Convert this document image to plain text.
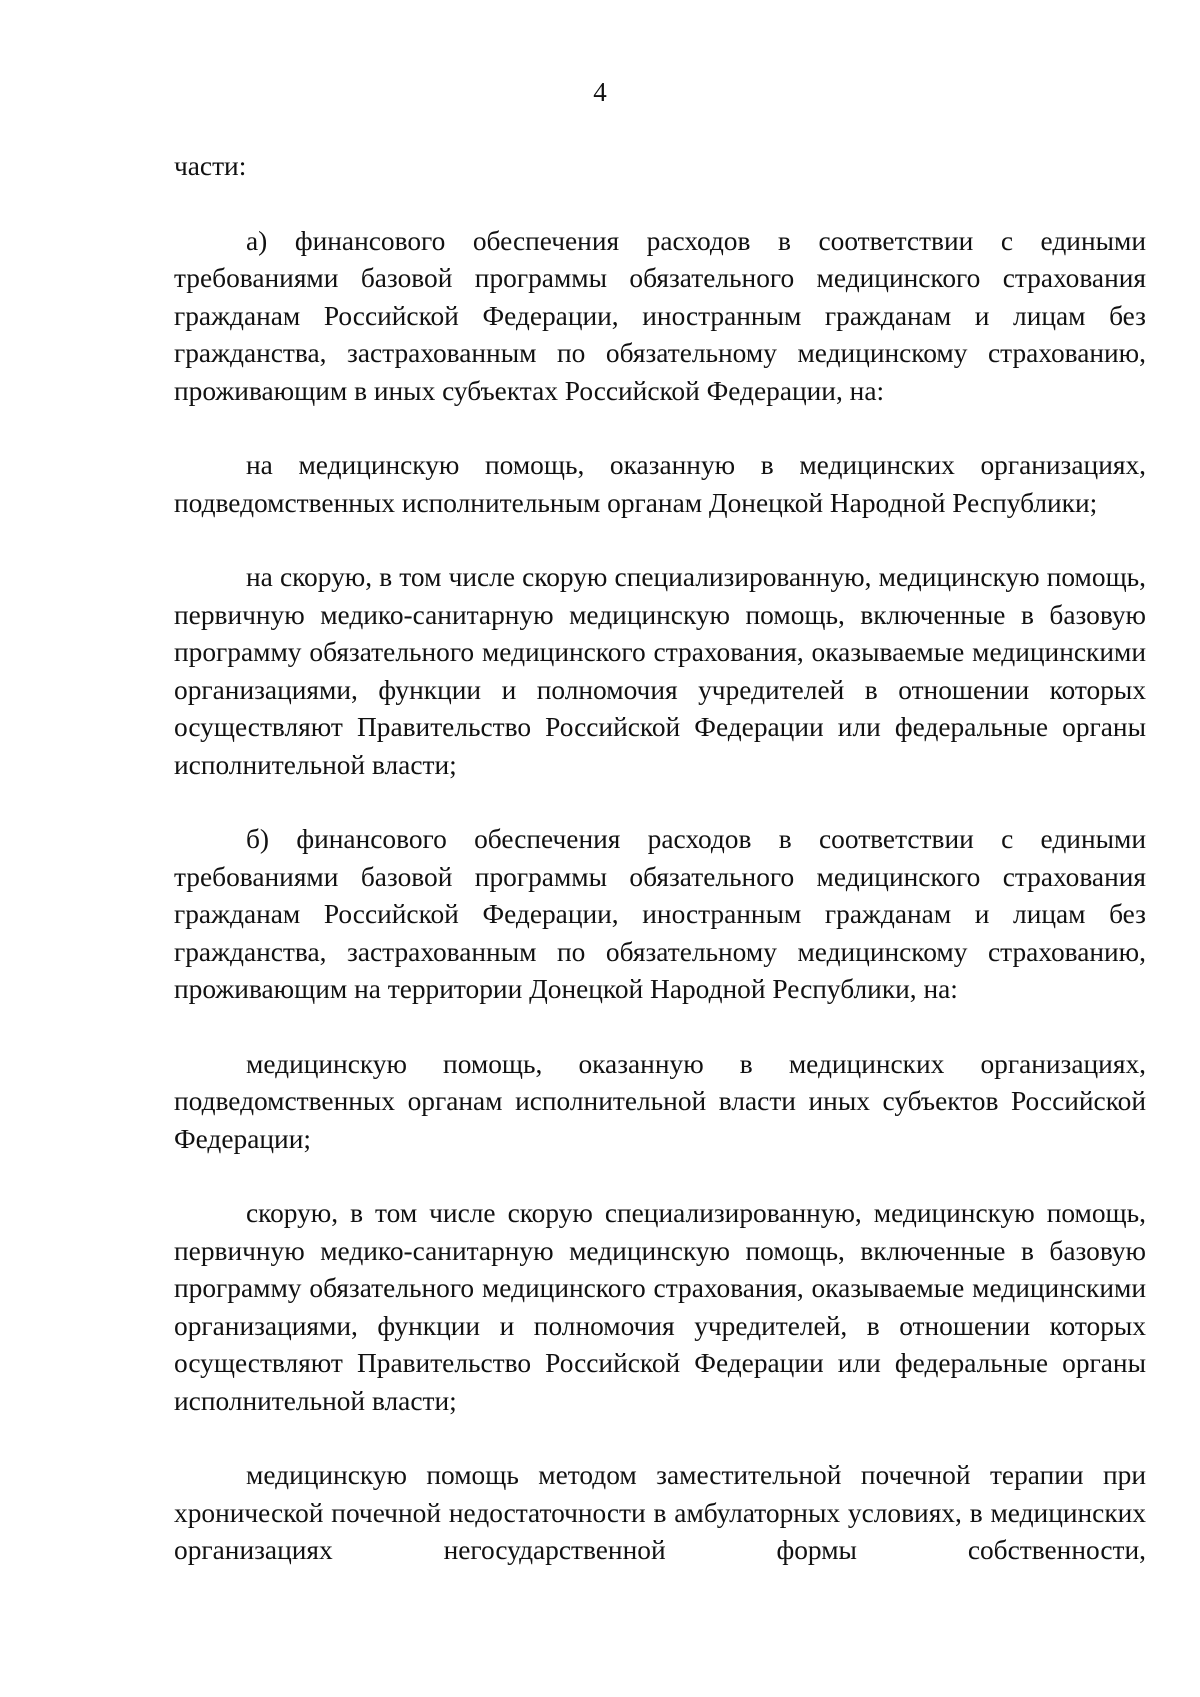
4

части:

а) финансового обеспечения расходов в соответствии с едиными требованиями базовой программы обязательного медицинского страхования гражданам Российской Федерации, иностранным гражданам и лицам без гражданства, застрахованным по обязательному медицинскому страхованию, проживающим в иных субъектах Российской Федерации, на:

на медицинскую помощь, оказанную в медицинских организациях, подведомственных исполнительным органам Донецкой Народной Республики;

на скорую, в том числе скорую специализированную, медицинскую помощь, первичную медико-санитарную медицинскую помощь, включенные в базовую программу обязательного медицинского страхования, оказываемые медицинскими организациями, функции и полномочия учредителей в отношении которых осуществляют Правительство Российской Федерации или федеральные органы исполнительной власти;

б) финансового обеспечения расходов в соответствии с едиными требованиями базовой программы обязательного медицинского страхования гражданам Российской Федерации, иностранным гражданам и лицам без гражданства, застрахованным по обязательному медицинскому страхованию, проживающим на территории Донецкой Народной Республики, на:

медицинскую помощь, оказанную в медицинских организациях, подведомственных органам исполнительной власти иных субъектов Российской Федерации;

скорую, в том числе скорую специализированную, медицинскую помощь, первичную медико-санитарную медицинскую помощь, включенные в базовую программу обязательного медицинского страхования, оказываемые медицинскими организациями, функции и полномочия учредителей, в отношении которых осуществляют Правительство Российской Федерации или федеральные органы исполнительной власти;

медицинскую помощь методом заместительной почечной терапии при хронической почечной недостаточности в амбулаторных условиях, в медицинских организациях негосударственной формы собственности,
